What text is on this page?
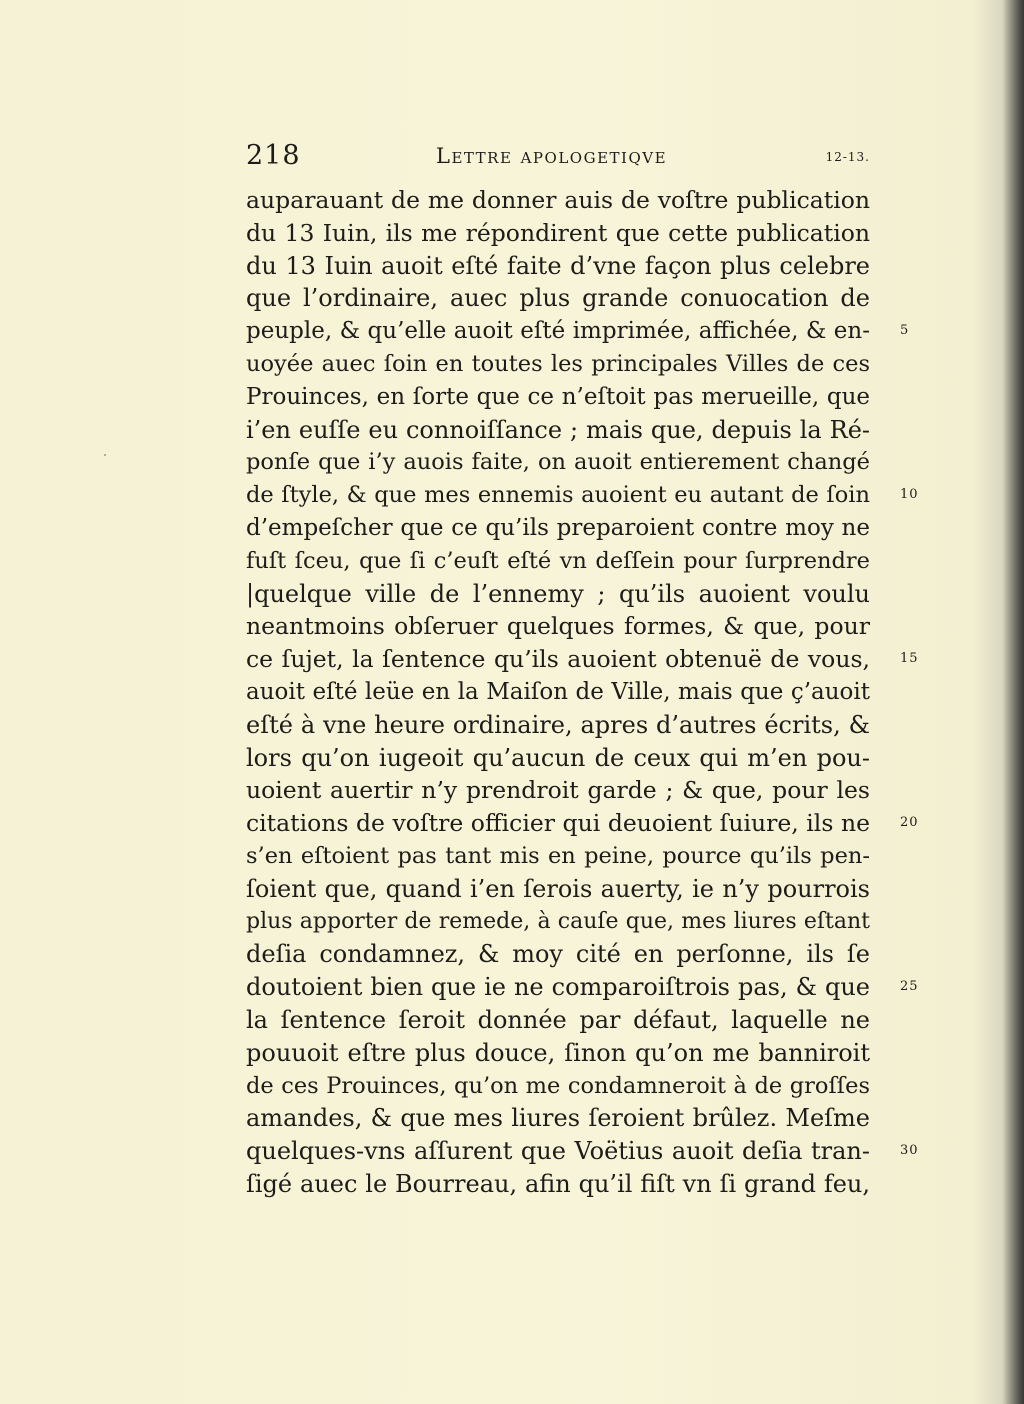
218	Lettre apologetiqve	12-13.
auparauant de me donner auis de voſtre publication
du 13 Iuin, ils me répondirent que cette publication
du 13 Iuin auoit eſté faite d’vne façon plus celebre
que l’ordinaire, auec plus grande conuocation de
peuple, & qu’elle auoit eſté imprimée, affichée, & en-
uoyée auec ſoin en toutes les principales Villes de ces
Prouinces, en ſorte que ce n’eſtoit pas merueille, que
i’en euſſe eu connoiſſance ; mais que, depuis la Ré-
ponſe que i’y auois faite, on auoit entierement changé
de ſtyle, & que mes ennemis auoient eu autant de ſoin
d’empeſcher que ce qu’ils preparoient contre moy ne
fuſt ſceu, que ſi c’euſt eſté vn deſſein pour ſurprendre
|quelque ville de l’ennemy ; qu’ils auoient voulu
neantmoins obſeruer quelques formes, & que, pour
ce ſujet, la ſentence qu’ils auoient obtenuë de vous,
auoit eſté leüe en la Maiſon de Ville, mais que ç’auoit
eſté à vne heure ordinaire, apres d’autres écrits, &
lors qu’on iugeoit qu’aucun de ceux qui m’en pou-
uoient auertir n’y prendroit garde ; & que, pour les
citations de voſtre officier qui deuoient ſuiure, ils ne
s’en eſtoient pas tant mis en peine, pource qu’ils pen-
ſoient que, quand i’en ſerois auerty, ie n’y pourrois
plus apporter de remede, à cauſe que, mes liures eſtant
deſia condamnez, & moy cité en perſonne, ils ſe
doutoient bien que ie ne comparoiſtrois pas, & que
la ſentence ſeroit donnée par défaut, laquelle ne
pouuoit eſtre plus douce, ſinon qu’on me banniroit
de ces Prouinces, qu’on me condamneroit à de groſſes
amandes, & que mes liures ſeroient brûlez. Meſme
quelques-vns aſſurent que Voëtius auoit deſia tran-
ſigé auec le Bourreau, afin qu’il fiſt vn ſi grand feu,
5
10
15
20
25
30
